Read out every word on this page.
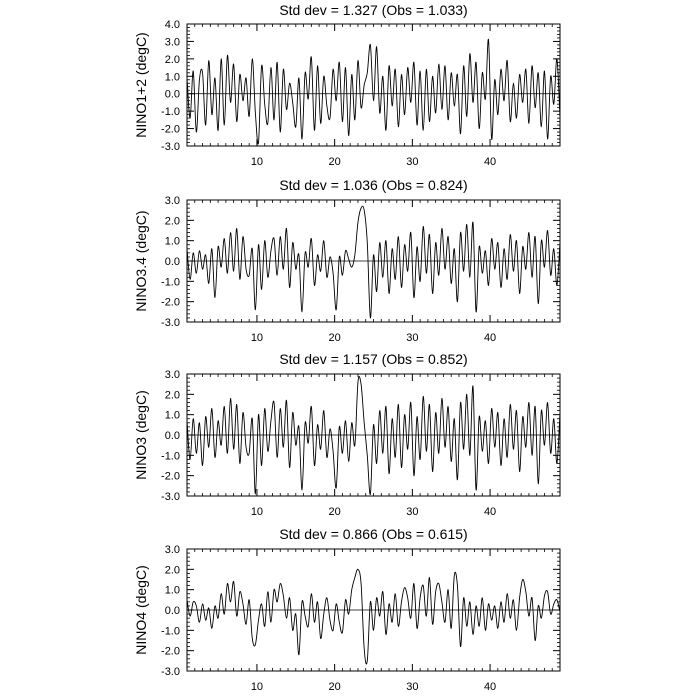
Std dev = 1.327 (Obs = 1.033)
NINO1+2 (degC)
10	20	30	40
-3.0
-2.0
-1.0
0.0
1.0
2.0
3.0
4.0
Std dev = 1.036 (Obs = 0.824)
NINO3.4 (degC)
10	20	30	40
-3.0
-2.0
-1.0
0.0
1.0
2.0
3.0
Std dev = 1.157 (Obs = 0.852)
NINO3 (degC)
10	20	30	40
-3.0
-2.0
-1.0
0.0
1.0
2.0
3.0
Std dev = 0.866 (Obs = 0.615)
NINO4 (degC)
10	20	30	40
-3.0
-2.0
-1.0
0.0
1.0
2.0
3.0
